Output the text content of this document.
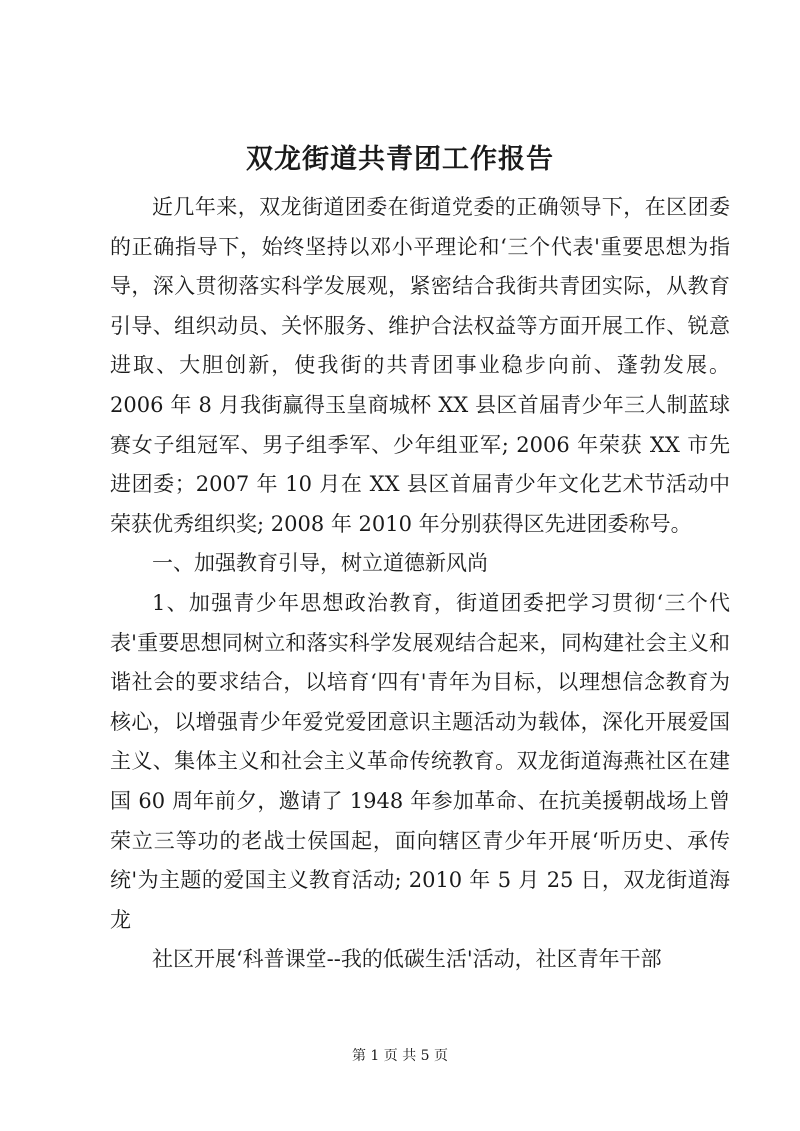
双龙街道共青团工作报告

近几年来，双龙街道团委在街道党委的正确领导下，在区团委的正确指导下，始终坚持以邓小平理论和‘三个代表'重要思想为指导，深入贯彻落实科学发展观，紧密结合我街共青团实际，从教育引导、组织动员、关怀服务、维护合法权益等方面开展工作、锐意进取、大胆创新，使我街的共青团事业稳步向前、蓬勃发展。2006 年 8 月我街赢得玉皇商城杯 XX 县区首届青少年三人制蓝球赛女子组冠军、男子组季军、少年组亚军; 2006 年荣获 XX 市先进团委；2007 年 10 月在 XX 县区首届青少年文化艺术节活动中荣获优秀组织奖; 2008 年 2010 年分别获得区先进团委称号。

一、加强教育引导，树立道德新风尚

1、加强青少年思想政治教育，街道团委把学习贯彻‘三个代表'重要思想同树立和落实科学发展观结合起来，同构建社会主义和谐社会的要求结合，以培育‘四有'青年为目标，以理想信念教育为核心，以增强青少年爱党爱团意识主题活动为载体，深化开展爱国主义、集体主义和社会主义革命传统教育。双龙街道海燕社区在建国 60 周年前夕，邀请了 1948 年参加革命、在抗美援朝战场上曾荣立三等功的老战士侯国起，面向辖区青少年开展‘听历史、承传统'为主题的爱国主义教育活动; 2010 年 5 月 25 日，双龙街道海龙

社区开展‘科普课堂--我的低碳生活'活动，社区青年干部

第 1 页 共 5 页
